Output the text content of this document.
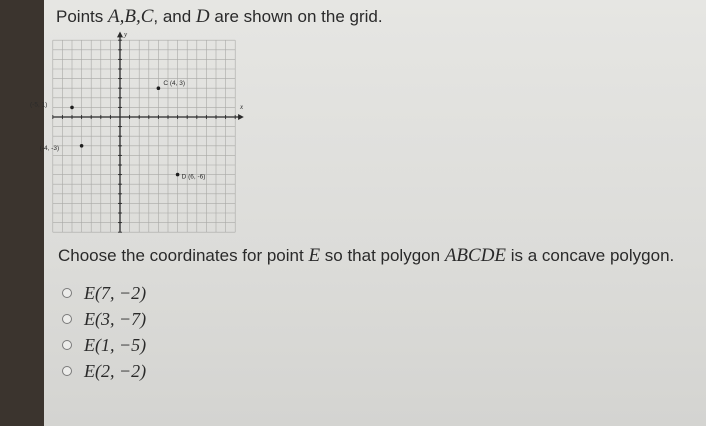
Points A,B,C, and D are shown on the grid.
x
y
(-5, 1)
(-4, -3)
C (4, 3)
D (6, -6)
Choose the coordinates for point E so that polygon ABCDE is a concave polygon.
E(7, −2)
E(3, −7)
E(1, −5)
E(2, −2)
